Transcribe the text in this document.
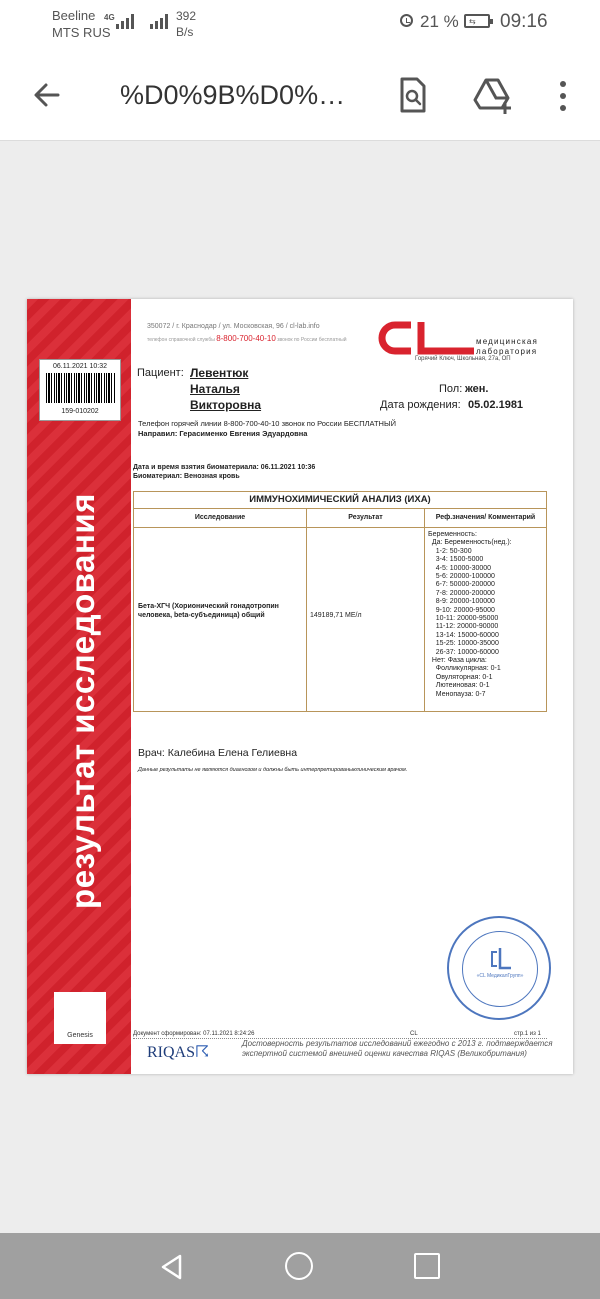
Beeline
MTS RUS
4G	392
B/s
21 % ⇆ 09:16
%D0%9B%D0%…
результат исследования
06.11.2021 10:32
159-010202
Genesis
350072 / г. Краснодар / ул. Московская, 96 / cl-lab.info
телефон справочной службы 8-800-700-40-10 звонок по России бесплатный	медицинская
лаборатория
Горячий Ключ, Школьная, 27а, ОП
Пациент: Левентюк
Наталья
Викторовна
Пол: жен.
Дата рождения: 05.02.1981
Телефон горячей линии 8-800-700-40-10 звонок по России БЕСПЛАТНЫЙ
Направил: Герасименко Евгения Эдуардовна
Дата и время взятия биоматериала: 06.11.2021 10:36
Биоматериал: Венозная кровь
ИММУНОХИМИЧЕСКИЙ АНАЛИЗ (ИХА)
Исследование	Результат	Реф.значения/ Комментарий
Бета-ХГЧ (Хорионический гонадотропин человека, beta-субъединица) общий	149189,71 МЕ/л
Беременность:
Да: Беременность(нед.):
1-2: 50-300
3-4: 1500-5000
4-5: 10000-30000
5-6: 20000-100000
6-7: 50000-200000
7-8: 20000-200000
8-9: 20000-100000
9-10: 20000-95000
10-11: 20000-95000
11-12: 20000-90000
13-14: 15000-60000
15-25: 10000-35000
26-37: 10000-60000
Нет: Фаза цикла:
Фолликулярная: 0-1
Овуляторная: 0-1
Лютеиновая: 0-1
Менопауза: 0-7
Врач: Калебина Елена Гелиевна
Данные результаты не являются диагнозом и должны быть интерпретированыклиническим врачом.
«CL МедикалГрупп»
Документ сформирован: 07.11.2021 8:24:26	CL	стр.1 из 1
RIQAS☈
Достоверность результатов исследований ежегодно с 2013 г. подтверждается
экспертной системой внешней оценки качества RIQAS (Великобритания)
